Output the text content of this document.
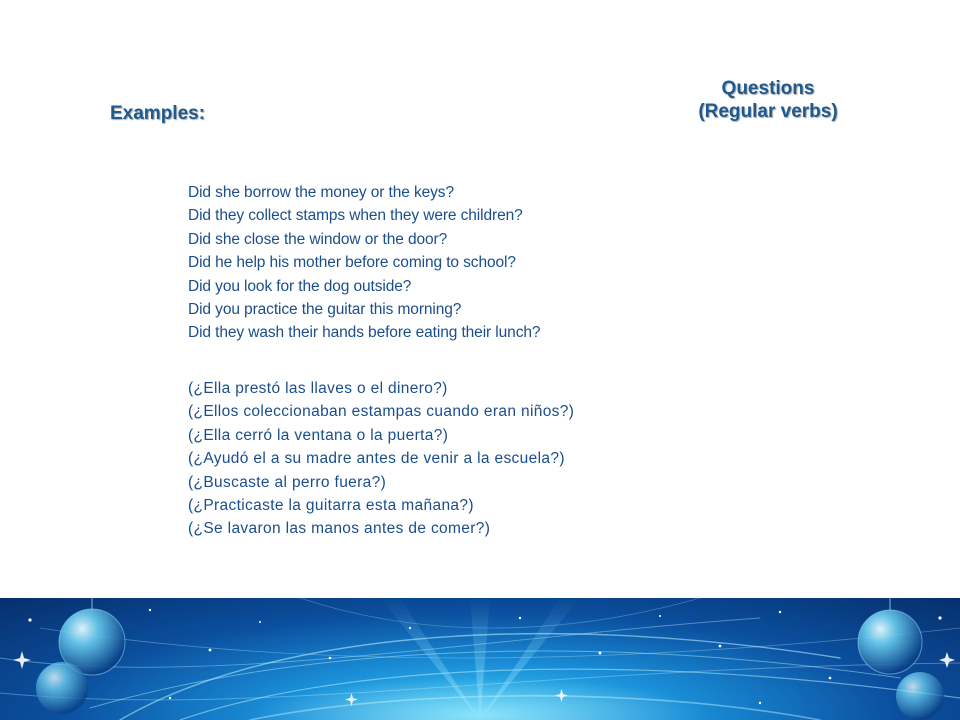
Examples:
Questions
(Regular verbs)
Did she borrow the money or the keys?
Did they collect stamps when they were children?
Did she close the window or the door?
Did he help his mother before coming to school?
Did you look for the dog outside?
Did you practice the guitar this morning?
Did they wash their hands before eating their lunch?
(¿Ella prestó las llaves o el dinero?)
(¿Ellos coleccionaban estampas cuando eran niños?)
(¿Ella cerró la ventana o la puerta?)
(¿Ayudó el a su madre antes de venir a la escuela?)
(¿Buscaste al perro fuera?)
(¿Practicaste la guitarra esta mañana?)
(¿Se lavaron las manos antes de comer?)
